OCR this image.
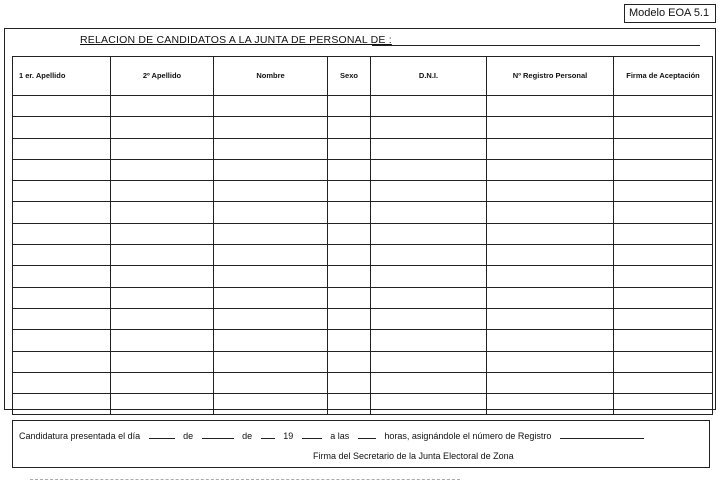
Modelo EOA 5.1
RELACION DE CANDIDATOS A LA JUNTA DE PERSONAL DE :
1 er. Apellido	2º Apellido	Nombre	Sexo	D.N.I.	Nº Registro Personal	Firma de Aceptación

Candidatura presentada el día	de	de	19	a las	horas, asignándole el número de Registro
Firma del Secretario de la Junta Electoral de Zona
